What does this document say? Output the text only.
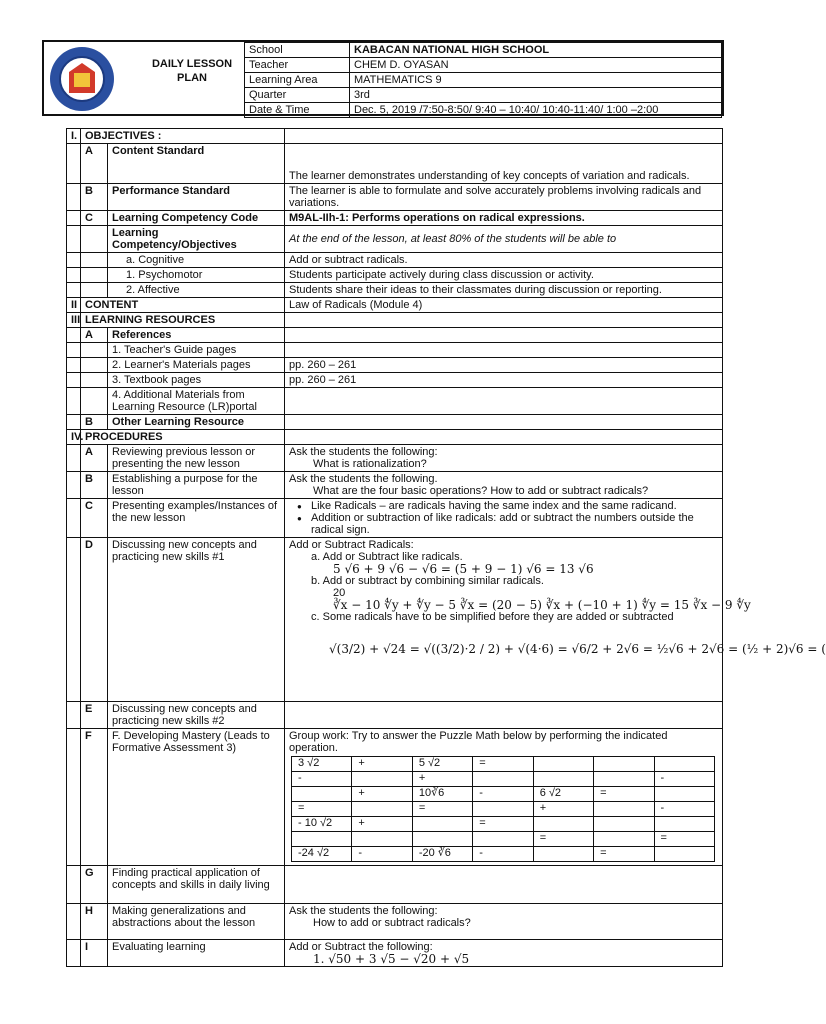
DAILY LESSON
PLAN
School	KABACAN NATIONAL HIGH SCHOOL
Teacher	CHEM D. OYASAN
Learning Area	MATHEMATICS 9
Quarter	3rd
Date & Time	Dec. 5, 2019 /7:50-8:50/ 9:40 – 10:40/ 10:40-11:40/ 1:00 –2:00
I.	OBJECTIVES :	
	A	Content Standard	The learner demonstrates understanding of key concepts of variation and radicals.
	B	Performance Standard	The learner is able to formulate and solve accurately problems involving radicals and variations.
	C	Learning Competency Code	M9AL-IIh-1: Performs operations on radical expressions.
		Learning Competency/Objectives	At the end of the lesson, at least 80% of the students will be able to
		a. Cognitive	Add or subtract radicals.
		1. Psychomotor	Students participate actively during class discussion or activity.
		2. Affective	Students share their ideas to their classmates during discussion or reporting.
II	CONTENT	Law of Radicals (Module 4)
III	LEARNING RESOURCES	
	A	References	
		1. Teacher's Guide pages	
		2. Learner's Materials pages	pp. 260 – 261
		3. Textbook pages	pp. 260 – 261
		4. Additional Materials from Learning Resource (LR)portal	
	B	Other Learning Resource	
IV.	PROCEDURES	
	A	Reviewing previous lesson or presenting the new lesson	Ask the students the following:
What is rationalization?

	B	Establishing a purpose for the lesson	Ask the students the following.
What are the four basic operations? How to add or subtract radicals?

	C	Presenting examples/Instances of the new lesson	
● Like Radicals – are radicals having the same index and the same radicand.
● Addition or subtraction of like radicals: add or subtract the numbers outside the radical sign.

	D	Discussing new concepts and practicing new skills #1	Add or Subtract Radicals:
a. Add or Subtract like radicals.
5 √6 + 9 √6 − √6 = (5 + 9 − 1) √6 = 13 √6
b. Add or subtract by combining similar radicals.
20
∛x − 10 ∜y + ∜y − 5 ∛x = (20 − 5) ∛x + (−10 + 1) ∜y = 15 ∛x − 9 ∜y
c. Some radicals have to be simplified before they are added or subtracted
√(3/2) + √24 = √((3/2)·2 / 2) + √(4·6) = √6/2 + 2√6 = ½√6 + 2√6 = (½ + 2)√6 = (

	E	Discussing new concepts and practicing new skills #2	
	F	F. Developing Mastery (Leads to Formative Assessment 3)	Group work: Try to answer the Puzzle Math below by performing the indicated operation.
3 √2	+	5 √2	=			
-		+				-
	+	10∛6	-	6 √2	=	
=		=		+		-
- 10 √2	+		=			
				=		=
-24 √2	-	-20 ∛6	-		=	

	G	Finding practical application of concepts and skills in daily living	
	H	Making generalizations and abstractions about the lesson	Ask the students the following:
How to add or subtract radicals?

	I	Evaluating learning	Add or Subtract the following:
1. √50 + 3 √5 − √20 + √5
